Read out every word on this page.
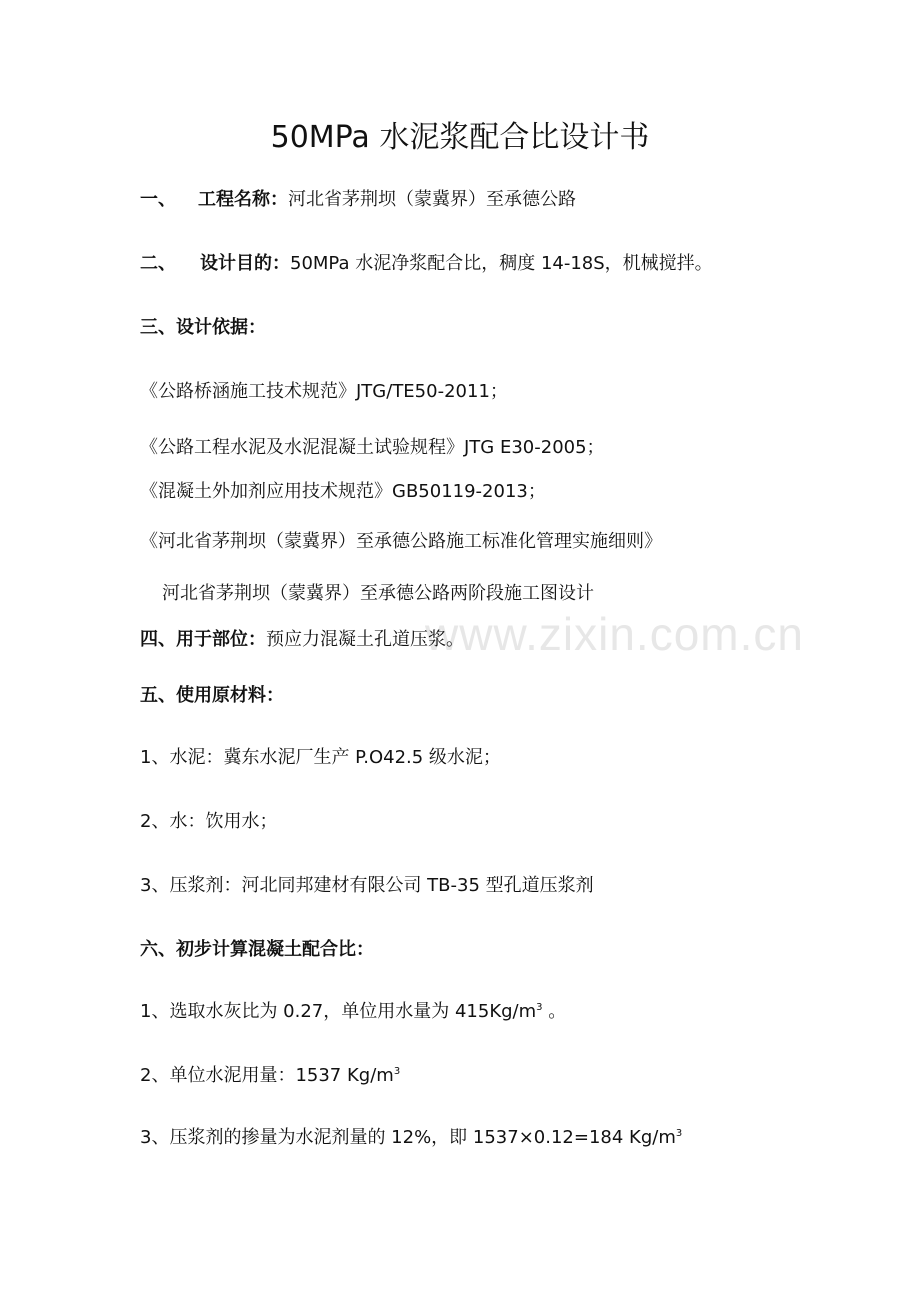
www.zixin.com.cn
50MPa 水泥浆配合比设计书
一、 工程名称：河北省茅荆坝（蒙冀界）至承德公路
二、 设计目的：50MPa 水泥净浆配合比，稠度 14-18S，机械搅拌。
三、设计依据：
《公路桥涵施工技术规范》JTG/TE50-2011；
《公路工程水泥及水泥混凝土试验规程》JTG E30-2005；
《混凝土外加剂应用技术规范》GB50119-2013；
《河北省茅荆坝（蒙冀界）至承德公路施工标准化管理实施细则》
河北省茅荆坝（蒙冀界）至承德公路两阶段施工图设计
四、用于部位：预应力混凝土孔道压浆。
五、使用原材料：
1、水泥：冀东水泥厂生产 P.O42.5 级水泥；
2、水：饮用水；
3、压浆剂：河北同邦建材有限公司 TB-35 型孔道压浆剂
六、初步计算混凝土配合比：
1、选取水灰比为 0.27，单位用水量为 $415Kg/m^3$ 。
2、单位水泥用量：1537 $Kg/m^3$
3、压浆剂的掺量为水泥剂量的 12%，即 1537×0.12=184 $Kg/m^3$
